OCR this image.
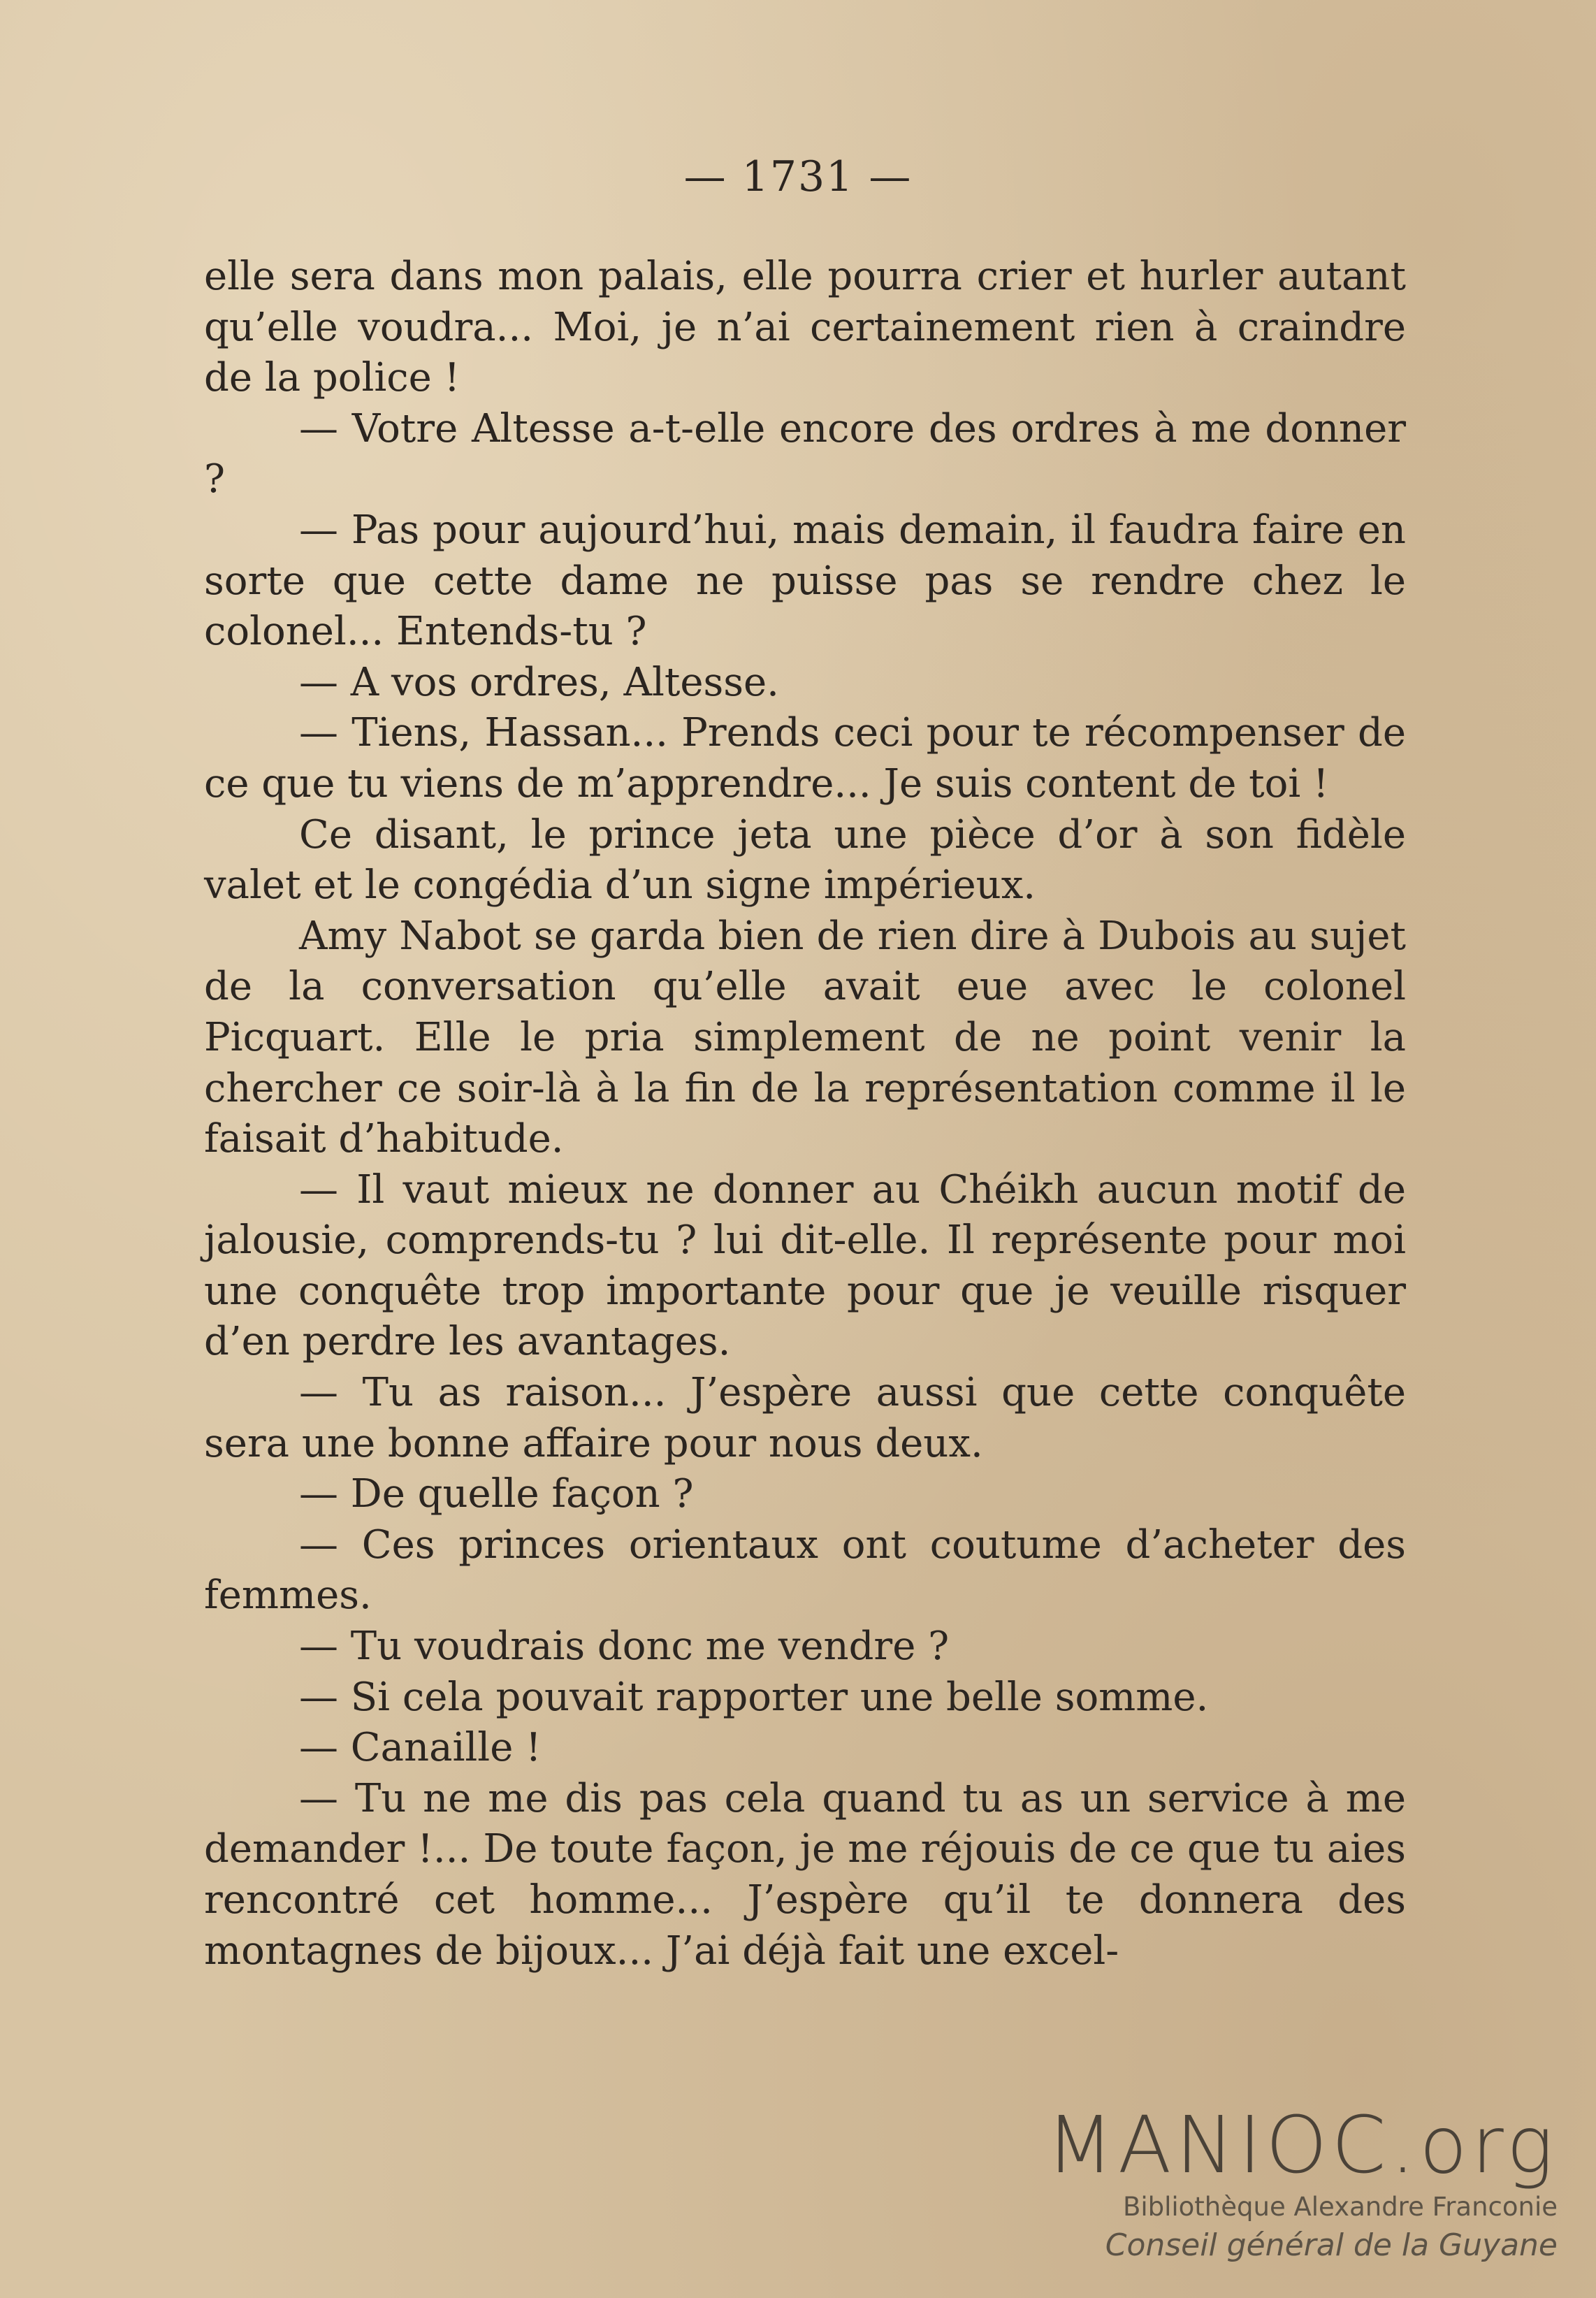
— 1731 —

elle sera dans mon palais, elle pourra crier et hurler autant qu’elle voudra... Moi, je n’ai certainement rien à craindre de la police !

— Votre Altesse a-t-elle encore des ordres à me donner ?

— Pas pour aujourd’hui, mais demain, il faudra faire en sorte que cette dame ne puisse pas se rendre chez le colonel... Entends-tu ?

— A vos ordres, Altesse.

— Tiens, Hassan... Prends ceci pour te récompenser de ce que tu viens de m’apprendre... Je suis content de toi !

Ce disant, le prince jeta une pièce d’or à son fidèle valet et le congédia d’un signe impérieux.

Amy Nabot se garda bien de rien dire à Dubois au sujet de la conversation qu’elle avait eue avec le colonel Picquart. Elle le pria simplement de ne point venir la chercher ce soir-là à la fin de la représentation comme il le faisait d’habitude.

— Il vaut mieux ne donner au Chéikh aucun motif de jalousie, comprends-tu ? lui dit-elle. Il représente pour moi une conquête trop importante pour que je veuille risquer d’en perdre les avantages.

— Tu as raison... J’espère aussi que cette conquête sera une bonne affaire pour nous deux.

— De quelle façon ?

— Ces princes orientaux ont coutume d’acheter des femmes.

— Tu voudrais donc me vendre ?

— Si cela pouvait rapporter une belle somme.

— Canaille !

— Tu ne me dis pas cela quand tu as un service à me demander !... De toute façon, je me réjouis de ce que tu aies rencontré cet homme... J’espère qu’il te donnera des montagnes de bijoux... J’ai déjà fait une excel-

MANIOC.org
Bibliothèque Alexandre Franconie
Conseil général de la Guyane
